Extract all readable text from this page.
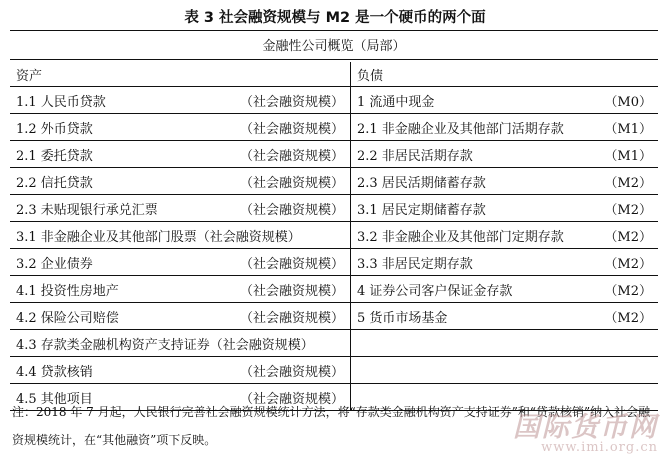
表 3 社会融资规模与 M2 是一个硬币的两个面
金融性公司概览（局部）
资产	负债

1.1 人民币贷款 （社会融资规模）	1 流通中现金 （M0）

1.2 外币贷款 （社会融资规模）	2.1 非金融企业及其他部门活期存款 （M1）

2.1 委托贷款 （社会融资规模）	2.2 非居民活期存款 （M1）

2.2 信托贷款 （社会融资规模）	2.3 居民活期储蓄存款 （M2）

2.3 未贴现银行承兑汇票 （社会融资规模）	3.1 居民定期储蓄存款 （M2）

3.1 非金融企业及其他部门股票（社会融资规模）	3.2 非金融企业及其他部门定期存款 （M2）

3.2 企业债券 （社会融资规模）	3.3 非居民定期存款 （M2）

4.1 投资性房地产 （社会融资规模）	4 证券公司客户保证金存款 （M2）

4.2 保险公司赔偿 （社会融资规模）	5 货币市场基金 （M2）

4.3 存款类金融机构资产支持证券（社会融资规模）	

4.4 贷款核销 （社会融资规模）	

4.5 其他项目 （社会融资规模）	

注：2018 年 7 月起，人民银行完善社会融资规模统计方法，将“存款类金融机构资产支持证券”和“贷款核销”纳入社会融资规模统计，在“其他融资”项下反映。	国际货币网
www.imi.org.cn
